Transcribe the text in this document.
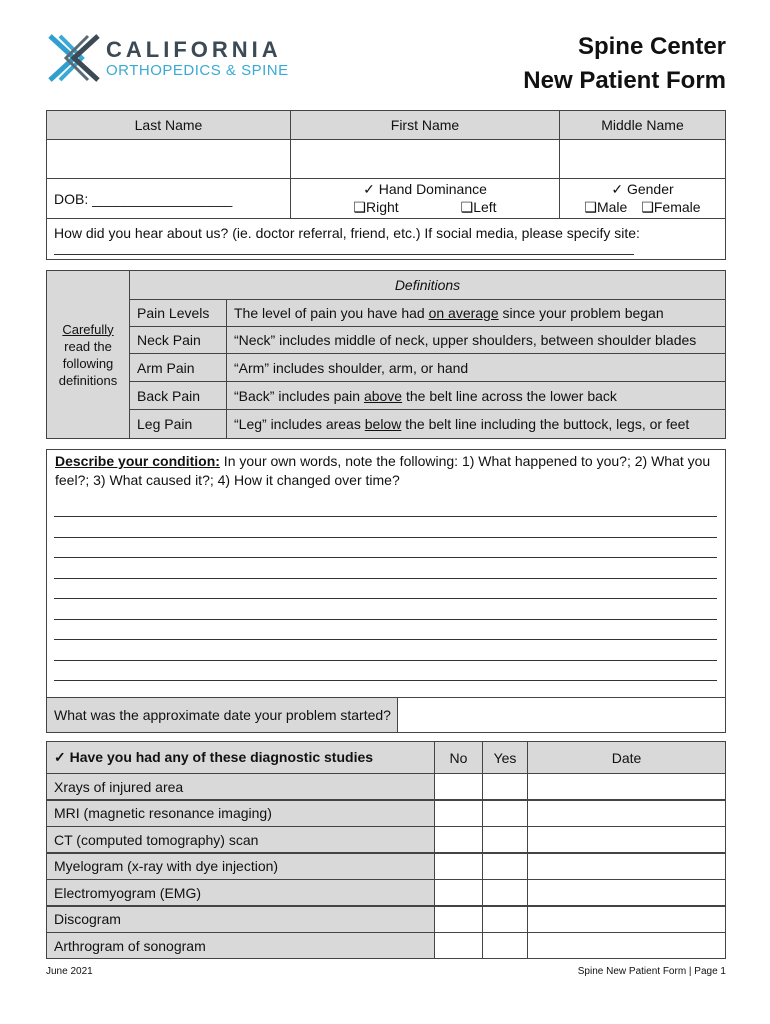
CALIFORNIA
ORTHOPEDICS & SPINE
Spine Center
New Patient Form
Last Name	First Name	Middle Name
DOB: __________________
✓ Hand Dominance
❑Right	❑Left
✓ Gender
❑Male ❑Female
How did you hear about us? (ie. doctor referral, friend, etc.) If social media, please specify site:
Carefully
read the
following
definitions
Definitions
Pain Levels	The level of pain you have had on average since your problem began
Neck Pain	“Neck” includes middle of neck, upper shoulders, between shoulder blades
Arm Pain	“Arm” includes shoulder, arm, or hand
Back Pain	“Back” includes pain above the belt line across the lower back
Leg Pain	“Leg” includes areas below the belt line including the buttock, legs, or feet
Describe your condition: In your own words, note the following: 1) What happened to you?; 2) What you
feel?; 3) What caused it?; 4) How it changed over time?
What was the approximate date your problem started?
✓ Have you had any of these diagnostic studies	No	Yes	Date
Xrays of injured area
MRI (magnetic resonance imaging)
CT (computed tomography) scan
Myelogram (x-ray with dye injection)
Electromyogram (EMG)
Discogram
Arthrogram of sonogram
June 2021	Spine New Patient Form | Page 1
